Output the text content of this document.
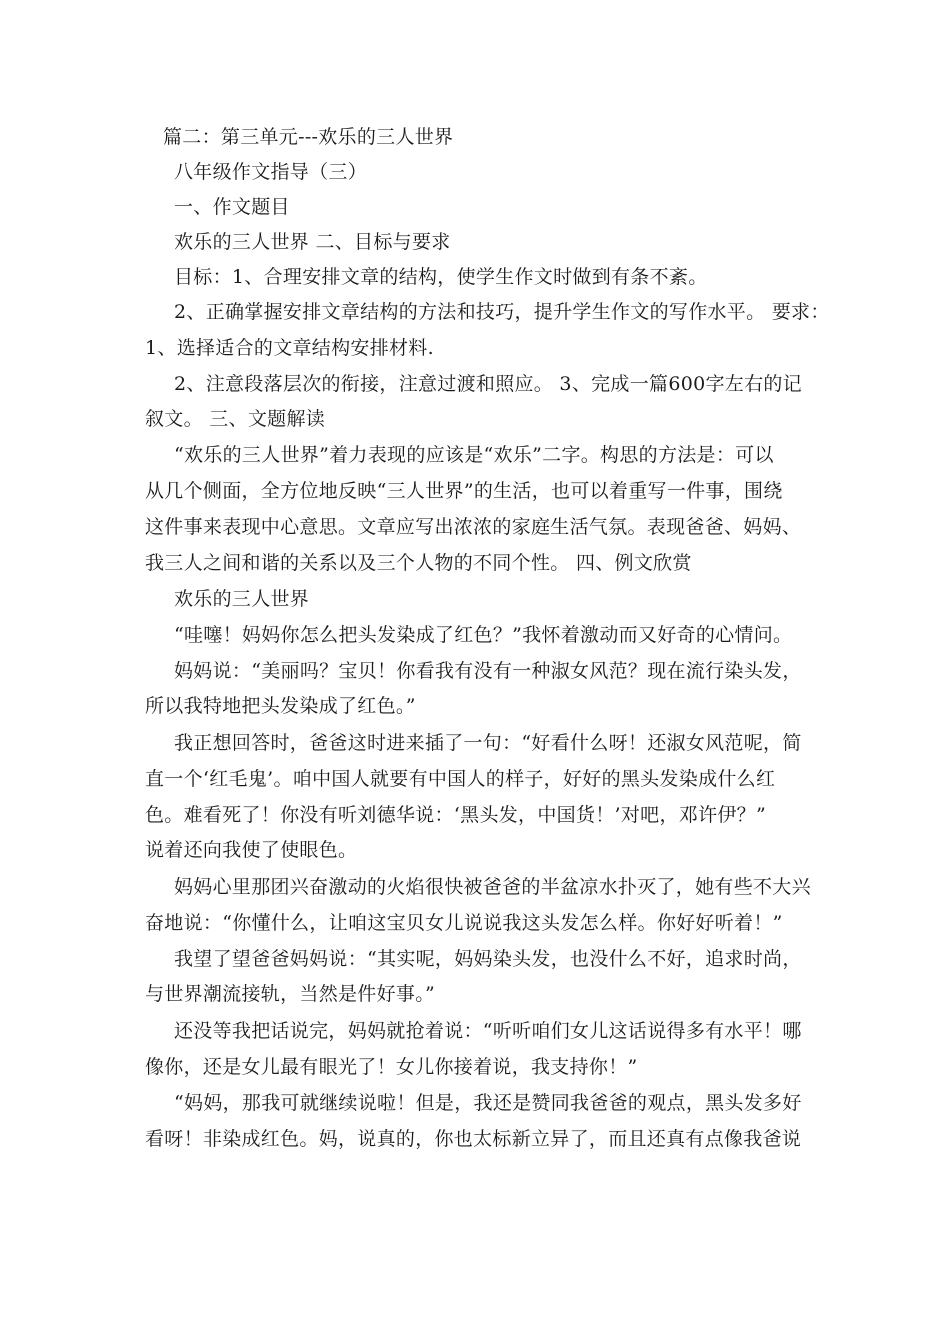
篇二：第三单元---欢乐的三人世界
八年级作文指导（三）
一、作文题目
欢乐的三人世界 二、目标与要求
目标：1、合理安排文章的结构，使学生作文时做到有条不紊。
2、正确掌握安排文章结构的方法和技巧，提升学生作文的写作水平。 要求：
1、选择适合的文章结构安排材料.
2、注意段落层次的衔接，注意过渡和照应。 3、完成一篇600字左右的记
叙文。 三、文题解读
“欢乐的三人世界”着力表现的应该是“欢乐”二字。构思的方法是：可以
从几个侧面，全方位地反映“三人世界”的生活，也可以着重写一件事，围绕
这件事来表现中心意思。文章应写出浓浓的家庭生活气氛。表现爸爸、妈妈、
我三人之间和谐的关系以及三个人物的不同个性。 四、例文欣赏
欢乐的三人世界
“哇噻！妈妈你怎么把头发染成了红色？”我怀着激动而又好奇的心情问。
妈妈说：“美丽吗？宝贝！你看我有没有一种淑女风范？现在流行染头发，
所以我特地把头发染成了红色。”
我正想回答时，爸爸这时进来插了一句：“好看什么呀！还淑女风范呢，简
直一个‘红毛鬼’。咱中国人就要有中国人的样子，好好的黑头发染成什么红
色。难看死了！你没有听刘德华说：‘黑头发，中国货！’对吧，邓许伊？”
说着还向我使了使眼色。
妈妈心里那团兴奋激动的火焰很快被爸爸的半盆凉水扑灭了，她有些不大兴
奋地说：“你懂什么，让咱这宝贝女儿说说我这头发怎么样。你好好听着！”
我望了望爸爸妈妈说：“其实呢，妈妈染头发，也没什么不好，追求时尚，
与世界潮流接轨，当然是件好事。”
还没等我把话说完，妈妈就抢着说：“听听咱们女儿这话说得多有水平！哪
像你，还是女儿最有眼光了！女儿你接着说，我支持你！”
“妈妈，那我可就继续说啦！但是，我还是赞同我爸爸的观点，黑头发多好
看呀！非染成红色。妈，说真的，你也太标新立异了，而且还真有点像我爸说
